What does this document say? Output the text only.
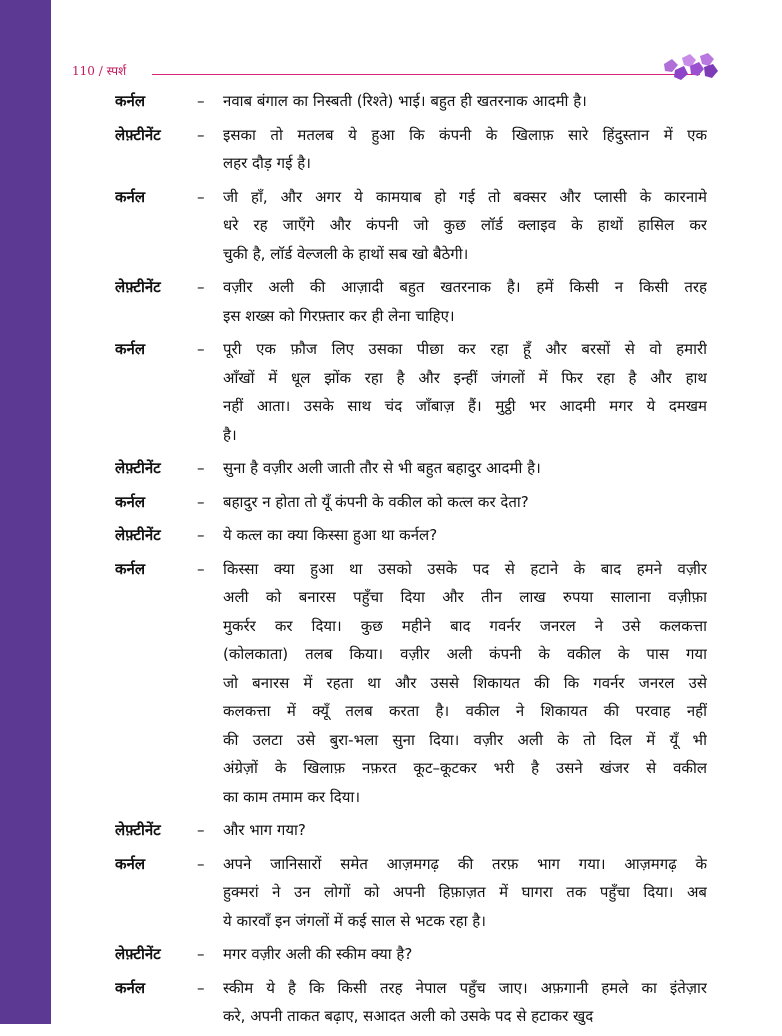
110 / स्पर्श
कर्नल	–	नवाब बंगाल का निस्बती (रिश्ते) भाई। बहुत ही खतरनाक आदमी है।
लेफ़्टीनेंट	–	इसका तो मतलब ये हुआ कि कंपनी के खिलाफ़ सारे हिंदुस्तान में एक
लहर दौड़ गई है।
कर्नल	–	जी हाँ, और अगर ये कामयाब हो गई तो बक्सर और प्लासी के कारनामे
धरे रह जाएँगे और कंपनी जो कुछ लॉर्ड क्लाइव के हाथों हासिल कर
चुकी है, लॉर्ड वेल्जली के हाथों सब खो बैठेगी।
लेफ़्टीनेंट	–	वज़ीर अली की आज़ादी बहुत खतरनाक है। हमें किसी न किसी तरह
इस शख्स को गिरफ़्तार कर ही लेना चाहिए।
कर्नल	–	पूरी एक फ़ौज लिए उसका पीछा कर रहा हूँ और बरसों से वो हमारी
आँखों में धूल झोंक रहा है और इन्हीं जंगलों में फिर रहा है और हाथ
नहीं आता। उसके साथ चंद जाँबाज़ हैं। मुट्ठी भर आदमी मगर ये दमखम
है।
लेफ़्टीनेंट	–	सुना है वज़ीर अली जाती तौर से भी बहुत बहादुर आदमी है।
कर्नल	–	बहादुर न होता तो यूँ कंपनी के वकील को कत्ल कर देता?
लेफ़्टीनेंट	–	ये कत्ल का क्या किस्सा हुआ था कर्नल?
कर्नल	–	किस्सा क्या हुआ था उसको उसके पद से हटाने के बाद हमने वज़ीर
अली को बनारस पहुँचा दिया और तीन लाख रुपया सालाना वज़ीफ़ा
मुकर्रर कर दिया। कुछ महीने बाद गवर्नर जनरल ने उसे कलकत्ता
(कोलकाता) तलब किया। वज़ीर अली कंपनी के वकील के पास गया
जो बनारस में रहता था और उससे शिकायत की कि गवर्नर जनरल उसे
कलकत्ता में क्यूँ तलब करता है। वकील ने शिकायत की परवाह नहीं
की उलटा उसे बुरा-भला सुना दिया। वज़ीर अली के तो दिल में यूँ भी
अंग्रेज़ों के खिलाफ़ नफ़रत कूट–कूटकर भरी है उसने खंजर से वकील
का काम तमाम कर दिया।
लेफ़्टीनेंट	–	और भाग गया?
कर्नल	–	अपने जानिसारों समेत आज़मगढ़ की तरफ़ भाग गया। आज़मगढ़ के
हुक्मरां ने उन लोगों को अपनी हिफ़ाज़त में घागरा तक पहुँचा दिया। अब
ये कारवाँ इन जंगलों में कई साल से भटक रहा है।
लेफ़्टीनेंट	–	मगर वज़ीर अली की स्कीम क्या है?
कर्नल	–	स्कीम ये है कि किसी तरह नेपाल पहुँच जाए। अफ़गानी हमले का इंतेज़ार
करे, अपनी ताकत बढ़ाए, सआदत अली को उसके पद से हटाकर खुद
